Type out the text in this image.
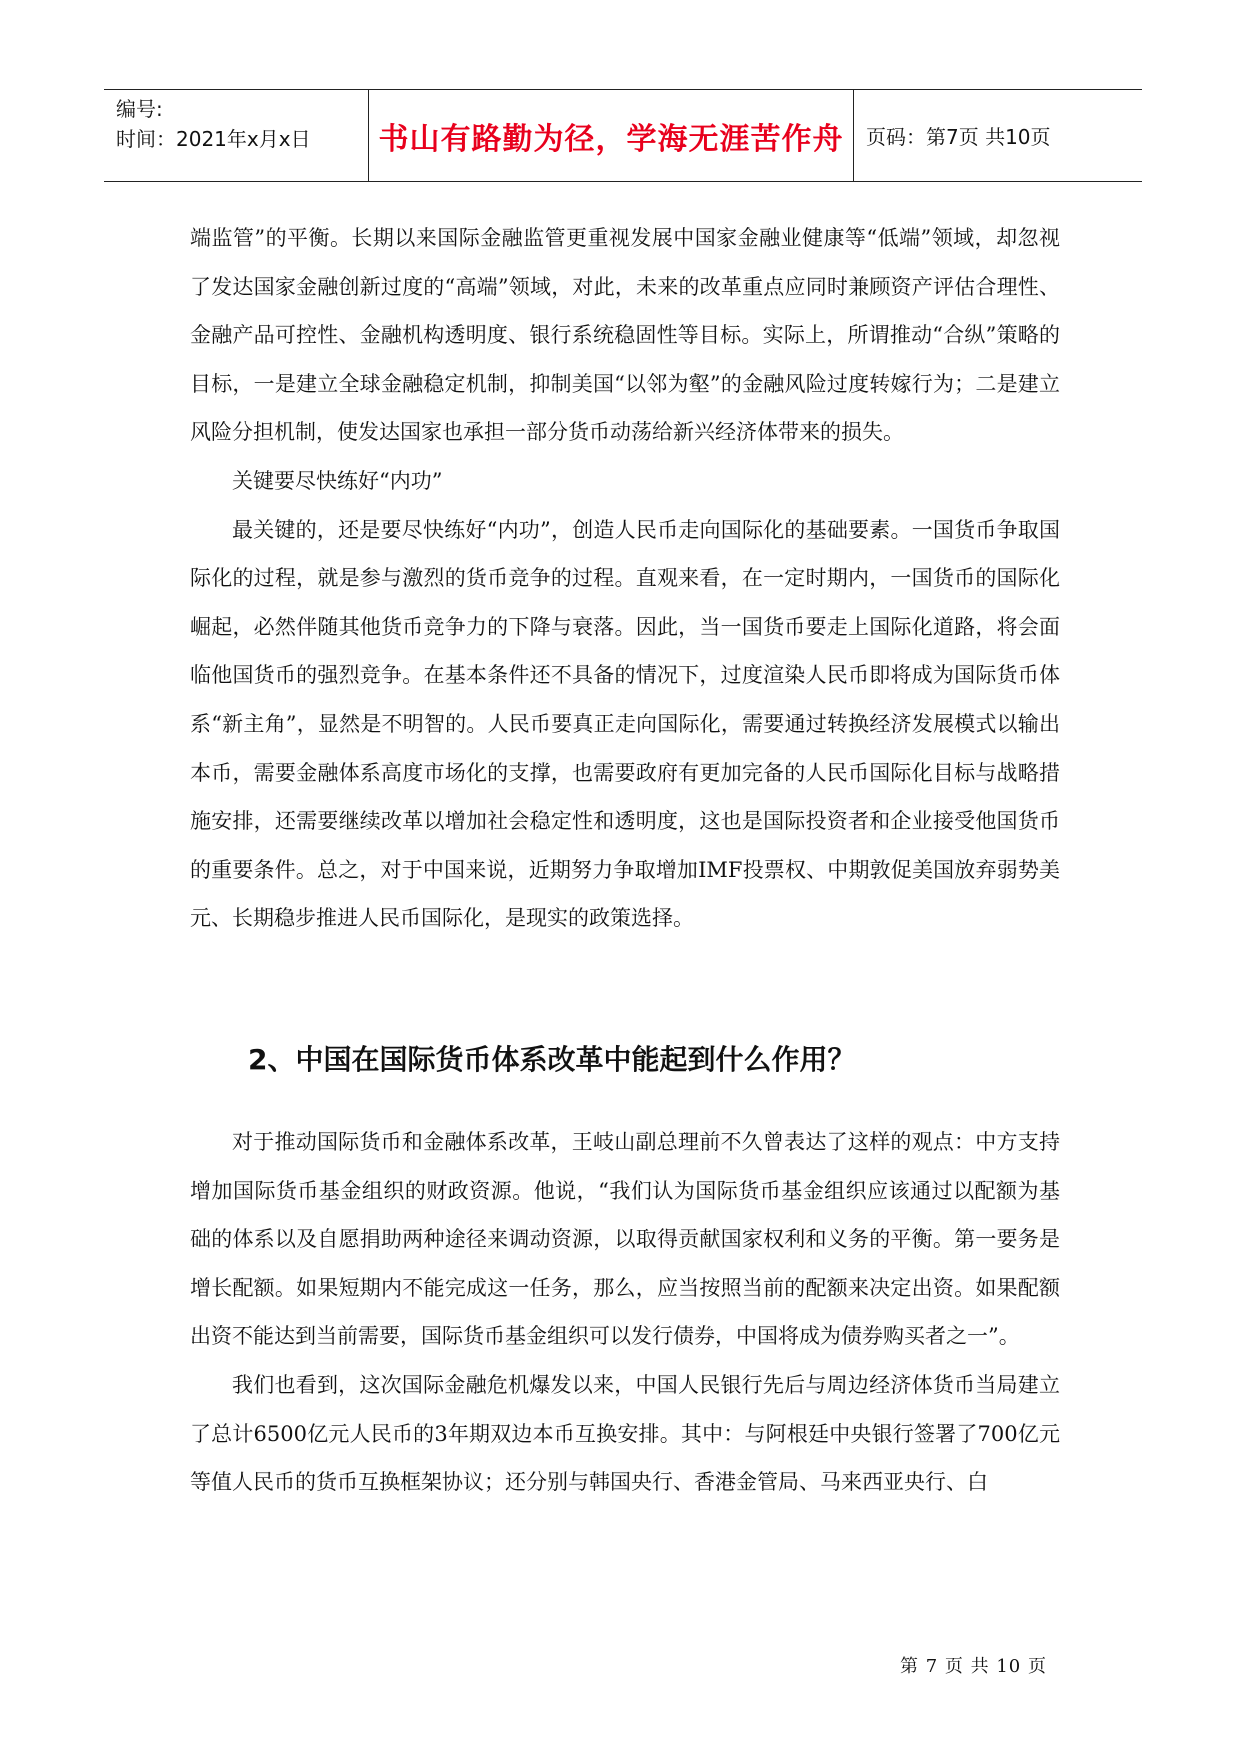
编号:
时间：2021年x月x日	书山有路勤为径，学海无涯苦作舟	页码：第7页 共10页

端监管”的平衡。长期以来国际金融监管更重视发展中国家金融业健康等“低端”领域，却忽视了发达国家金融创新过度的“高端”领域，对此，未来的改革重点应同时兼顾资产评估合理性、金融产品可控性、金融机构透明度、银行系统稳固性等目标。实际上，所谓推动“合纵”策略的目标，一是建立全球金融稳定机制，抑制美国“以邻为壑”的金融风险过度转嫁行为；二是建立风险分担机制，使发达国家也承担一部分货币动荡给新兴经济体带来的损失。

关键要尽快练好“内功”

最关键的，还是要尽快练好“内功”，创造人民币走向国际化的基础要素。一国货币争取国际化的过程，就是参与激烈的货币竞争的过程。直观来看，在一定时期内，一国货币的国际化崛起，必然伴随其他货币竞争力的下降与衰落。因此，当一国货币要走上国际化道路，将会面临他国货币的强烈竞争。在基本条件还不具备的情况下，过度渲染人民币即将成为国际货币体系“新主角”，显然是不明智的。人民币要真正走向国际化，需要通过转换经济发展模式以输出本币，需要金融体系高度市场化的支撑，也需要政府有更加完备的人民币国际化目标与战略措施安排，还需要继续改革以增加社会稳定性和透明度，这也是国际投资者和企业接受他国货币的重要条件。总之，对于中国来说，近期努力争取增加IMF投票权、中期敦促美国放弃弱势美元、长期稳步推进人民币国际化，是现实的政策选择。

2、中国在国际货币体系改革中能起到什么作用？

对于推动国际货币和金融体系改革，王岐山副总理前不久曾表达了这样的观点：中方支持增加国际货币基金组织的财政资源。他说，“我们认为国际货币基金组织应该通过以配额为基础的体系以及自愿捐助两种途径来调动资源，以取得贡献国家权利和义务的平衡。第一要务是增长配额。如果短期内不能完成这一任务，那么，应当按照当前的配额来决定出资。如果配额出资不能达到当前需要，国际货币基金组织可以发行债券，中国将成为债券购买者之一”。

我们也看到，这次国际金融危机爆发以来，中国人民银行先后与周边经济体货币当局建立了总计6500亿元人民币的3年期双边本币互换安排。其中：与阿根廷中央银行签署了700亿元等值人民币的货币互换框架协议；还分别与韩国央行、香港金管局、马来西亚央行、白

第 7 页 共 10 页
